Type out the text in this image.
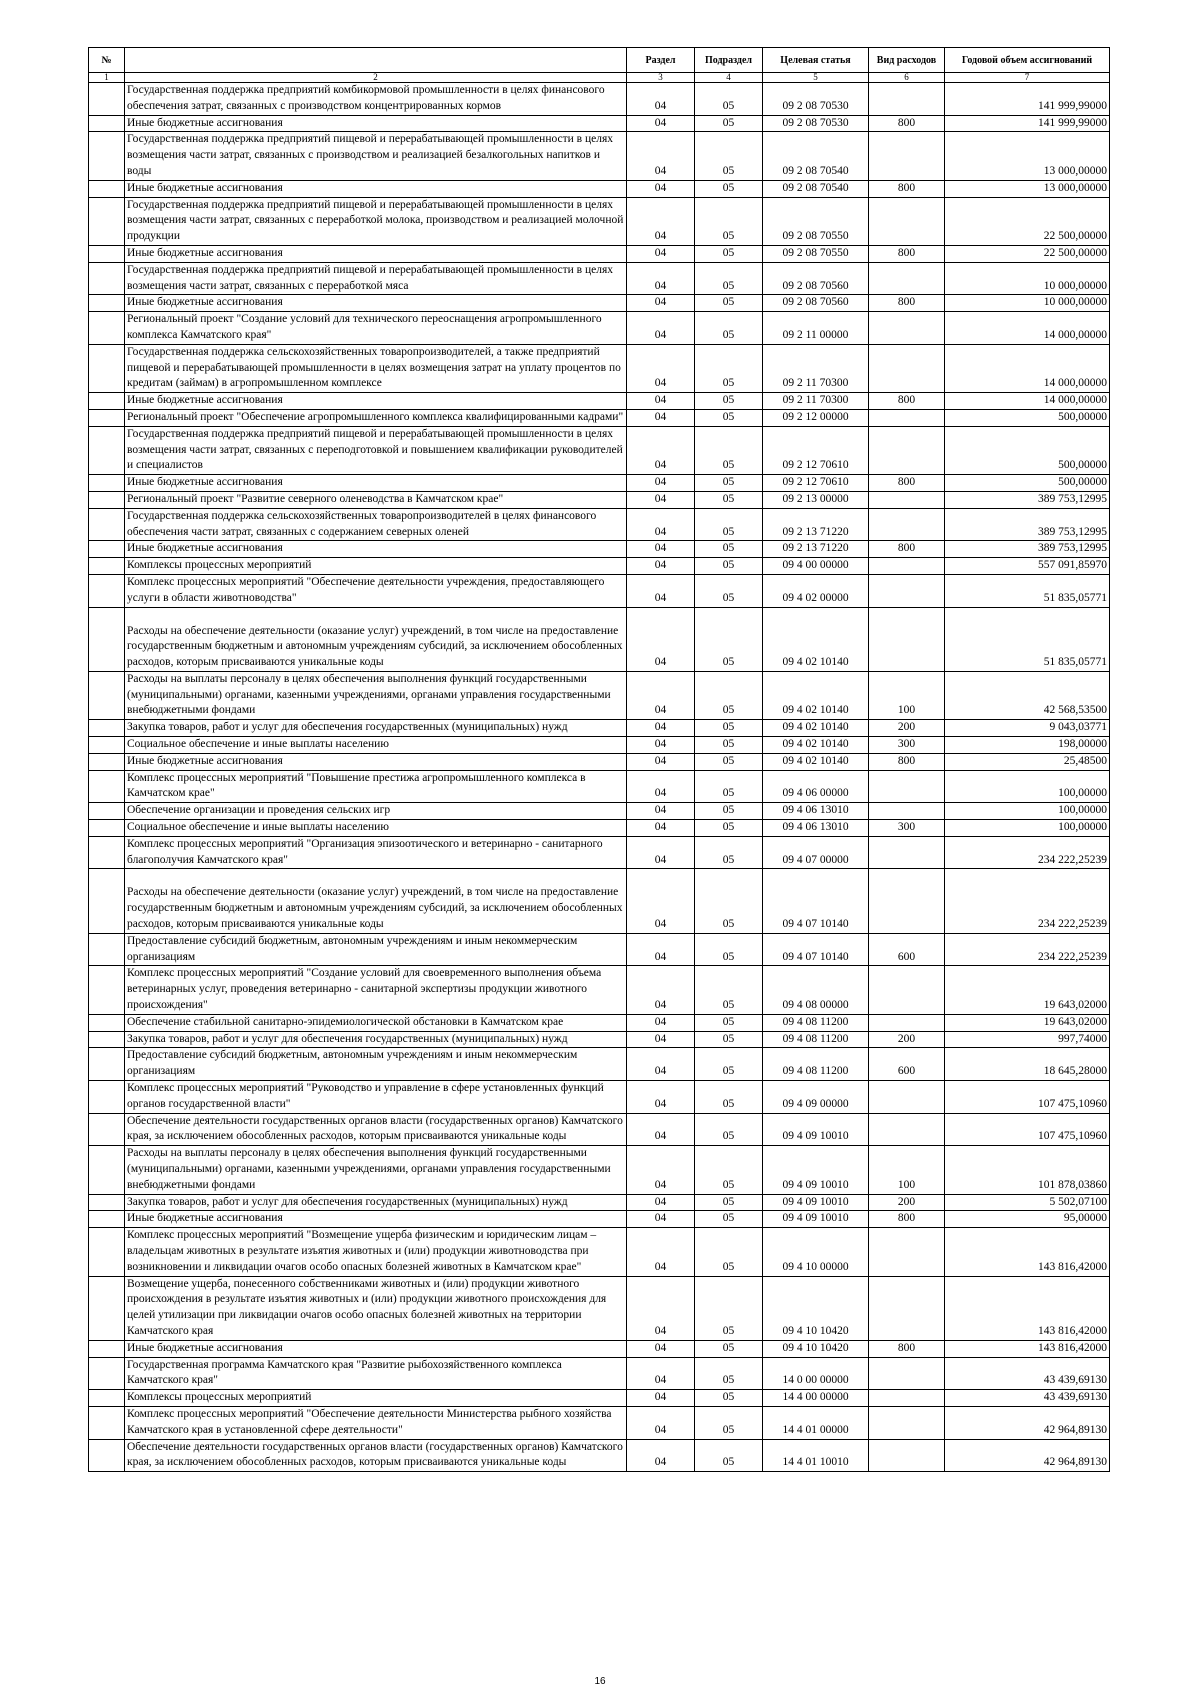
№		Раздел	Подраздел	Целевая статья	Вид расходов	Годовой объем ассигнований
1	2	3	4	5	6	7
	Государственная поддержка предприятий комбикормовой промышленности в целях финансового обеспечения затрат, связанных с производством концентрированных кормов	04	05	09 2 08 70530		141 999,99000
	Иные бюджетные ассигнования	04	05	09 2 08 70530	800	141 999,99000
	Государственная поддержка предприятий пищевой и перерабатывающей промышленности в целях возмещения части затрат, связанных с производством и реализацией безалкогольных напитков и воды	04	05	09 2 08 70540		13 000,00000
	Иные бюджетные ассигнования	04	05	09 2 08 70540	800	13 000,00000
	Государственная поддержка предприятий пищевой и перерабатывающей промышленности в целях возмещения части затрат, связанных с переработкой молока, производством и реализацией молочной продукции	04	05	09 2 08 70550		22 500,00000
	Иные бюджетные ассигнования	04	05	09 2 08 70550	800	22 500,00000
	Государственная поддержка предприятий пищевой и перерабатывающей промышленности в целях возмещения части затрат, связанных с переработкой мяса	04	05	09 2 08 70560		10 000,00000
	Иные бюджетные ассигнования	04	05	09 2 08 70560	800	10 000,00000
	Региональный проект "Создание условий для технического переоснащения агропромышленного комплекса Камчатского края"	04	05	09 2 11 00000		14 000,00000
	Государственная поддержка сельскохозяйственных товаропроизводителей, а также предприятий пищевой и перерабатывающей промышленности в целях возмещения затрат на уплату процентов по кредитам (займам) в агропромышленном комплексе	04	05	09 2 11 70300		14 000,00000
	Иные бюджетные ассигнования	04	05	09 2 11 70300	800	14 000,00000
	Региональный проект "Обеспечение агропромышленного комплекса квалифицированными кадрами"	04	05	09 2 12 00000		500,00000
	Государственная поддержка предприятий пищевой и перерабатывающей промышленности в целях возмещения части затрат, связанных с переподготовкой и повышением квалификации руководителей и специалистов	04	05	09 2 12 70610		500,00000
	Иные бюджетные ассигнования	04	05	09 2 12 70610	800	500,00000
	Региональный проект "Развитие северного оленеводства в Камчатском крае"	04	05	09 2 13 00000		389 753,12995
	Государственная поддержка сельскохозяйственных товаропроизводителей в целях финансового обеспечения части затрат, связанных с содержанием северных оленей	04	05	09 2 13 71220		389 753,12995
	Иные бюджетные ассигнования	04	05	09 2 13 71220	800	389 753,12995
	Комплексы процессных мероприятий	04	05	09 4 00 00000		557 091,85970
	Комплекс процессных мероприятий "Обеспечение деятельности учреждения, предоставляющего услуги в области животноводства"	04	05	09 4 02 00000		51 835,05771
	Расходы на обеспечение деятельности (оказание услуг) учреждений, в том числе на предоставление государственным бюджетным и автономным учреждениям субсидий, за исключением обособленных расходов, которым присваиваются уникальные коды	04	05	09 4 02 10140		51 835,05771
	Расходы на выплаты персоналу в целях обеспечения выполнения функций государственными (муниципальными) органами, казенными учреждениями, органами управления государственными внебюджетными фондами	04	05	09 4 02 10140	100	42 568,53500
	Закупка товаров, работ и услуг для обеспечения государственных (муниципальных) нужд	04	05	09 4 02 10140	200	9 043,03771
	Социальное обеспечение и иные выплаты населению	04	05	09 4 02 10140	300	198,00000
	Иные бюджетные ассигнования	04	05	09 4 02 10140	800	25,48500
	Комплекс процессных мероприятий "Повышение престижа агропромышленного комплекса в Камчатском крае"	04	05	09 4 06 00000		100,00000
	Обеспечение организации и проведения сельских игр	04	05	09 4 06 13010		100,00000
	Социальное обеспечение и иные выплаты населению	04	05	09 4 06 13010	300	100,00000
	Комплекс процессных мероприятий "Организация эпизоотического и ветеринарно - санитарного благополучия Камчатского края"	04	05	09 4 07 00000		234 222,25239
	Расходы на обеспечение деятельности (оказание услуг) учреждений, в том числе на предоставление государственным бюджетным и автономным учреждениям субсидий, за исключением обособленных расходов, которым присваиваются уникальные коды	04	05	09 4 07 10140		234 222,25239
	Предоставление субсидий бюджетным, автономным учреждениям и иным некоммерческим организациям	04	05	09 4 07 10140	600	234 222,25239
	Комплекс процессных мероприятий "Создание условий для своевременного выполнения объема ветеринарных услуг, проведения ветеринарно - санитарной экспертизы продукции животного происхождения"	04	05	09 4 08 00000		19 643,02000
	Обеспечение стабильной санитарно-эпидемиологической обстановки в Камчатском крае	04	05	09 4 08 11200		19 643,02000
	Закупка товаров, работ и услуг для обеспечения государственных (муниципальных) нужд	04	05	09 4 08 11200	200	997,74000
	Предоставление субсидий бюджетным, автономным учреждениям и иным некоммерческим организациям	04	05	09 4 08 11200	600	18 645,28000
	Комплекс процессных мероприятий "Руководство и управление в сфере установленных функций органов государственной власти"	04	05	09 4 09 00000		107 475,10960
	Обеспечение деятельности государственных органов власти (государственных органов) Камчатского края, за исключением обособленных расходов, которым присваиваются уникальные коды	04	05	09 4 09 10010		107 475,10960
	Расходы на выплаты персоналу в целях обеспечения выполнения функций государственными (муниципальными) органами, казенными учреждениями, органами управления государственными внебюджетными фондами	04	05	09 4 09 10010	100	101 878,03860
	Закупка товаров, работ и услуг для обеспечения государственных (муниципальных) нужд	04	05	09 4 09 10010	200	5 502,07100
	Иные бюджетные ассигнования	04	05	09 4 09 10010	800	95,00000
	Комплекс процессных мероприятий "Возмещение ущерба физическим и юридическим лицам – владельцам животных в результате изъятия животных и (или) продукции животноводства при возникновении и ликвидации очагов особо опасных болезней животных в Камчатском крае"	04	05	09 4 10 00000		143 816,42000
	Возмещение ущерба, понесенного собственниками животных и (или) продукции животного происхождения в результате изъятия животных и (или) продукции животного происхождения для целей утилизации при ликвидации очагов особо опасных болезней животных на территории Камчатского края	04	05	09 4 10 10420		143 816,42000
	Иные бюджетные ассигнования	04	05	09 4 10 10420	800	143 816,42000
	Государственная программа Камчатского края "Развитие рыбохозяйственного комплекса Камчатского края"	04	05	14 0 00 00000		43 439,69130
	Комплексы процессных мероприятий	04	05	14 4 00 00000		43 439,69130
	Комплекс процессных мероприятий "Обеспечение деятельности Министерства рыбного хозяйства Камчатского края в установленной сфере деятельности"	04	05	14 4 01 00000		42 964,89130
	Обеспечение деятельности государственных органов власти (государственных органов) Камчатского края, за исключением обособленных расходов, которым присваиваются уникальные коды	04	05	14 4 01 10010		42 964,89130
16
